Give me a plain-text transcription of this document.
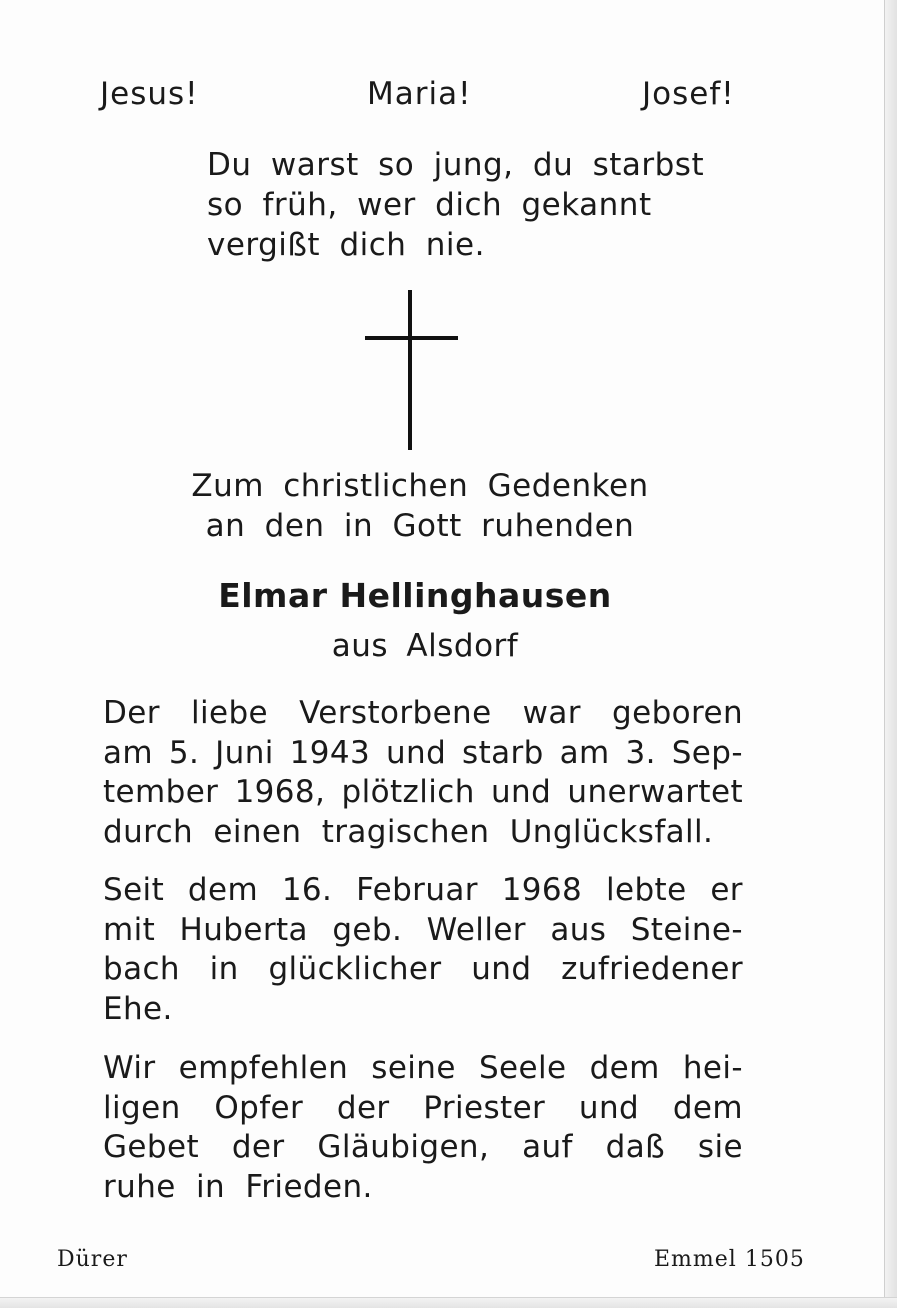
Jesus!	Maria!	Josef!
Du warst so jung, du starbst
so früh, wer dich gekannt
vergißt dich nie.
Zum christlichen Gedenken
an den in Gott ruhenden
Elmar Hellinghausen
aus Alsdorf
Der liebe Verstorbene war geboren
am 5. Juni 1943 und starb am 3. Sep-
tember 1968, plötzlich und unerwartet
durch
einen
tragischen
Unglücksfall.
Seit dem 16. Februar 1968 lebte er
mit Huberta geb. Weller aus Steine-
bach in glücklicher und zufriedener
Ehe.
Wir empfehlen seine Seele dem hei-
ligen Opfer der Priester und dem
Gebet der Gläubigen, auf daß sie
ruhe
in
Frieden.
Dürer	Emmel 1505
